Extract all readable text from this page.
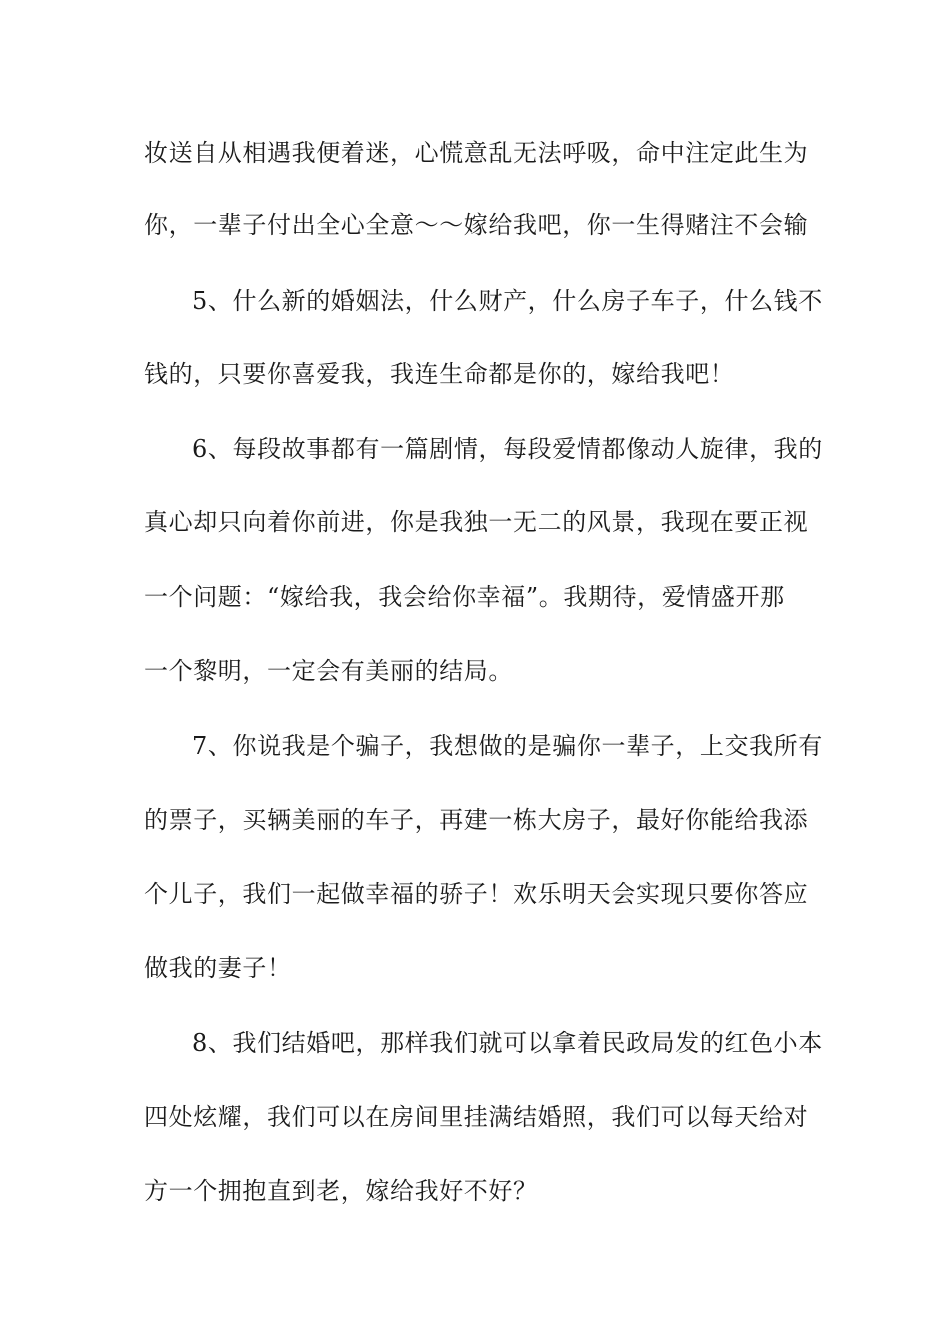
妆送自从相遇我便着迷，心慌意乱无法呼吸，命中注定此生为
你，一辈子付出全心全意～～嫁给我吧，你一生得赌注不会输
5、什么新的婚姻法，什么财产，什么房子车子，什么钱不
钱的，只要你喜爱我，我连生命都是你的，嫁给我吧！
6、每段故事都有一篇剧情，每段爱情都像动人旋律，我的
真心却只向着你前进，你是我独一无二的风景，我现在要正视
一个问题：“嫁给我，我会给你幸福”。我期待，爱情盛开那
一个黎明，一定会有美丽的结局。
7、你说我是个骗子，我想做的是骗你一辈子，上交我所有
的票子，买辆美丽的车子，再建一栋大房子，最好你能给我添
个儿子，我们一起做幸福的骄子！欢乐明天会实现只要你答应
做我的妻子！
8、我们结婚吧，那样我们就可以拿着民政局发的红色小本
四处炫耀，我们可以在房间里挂满结婚照，我们可以每天给对
方一个拥抱直到老，嫁给我好不好？
